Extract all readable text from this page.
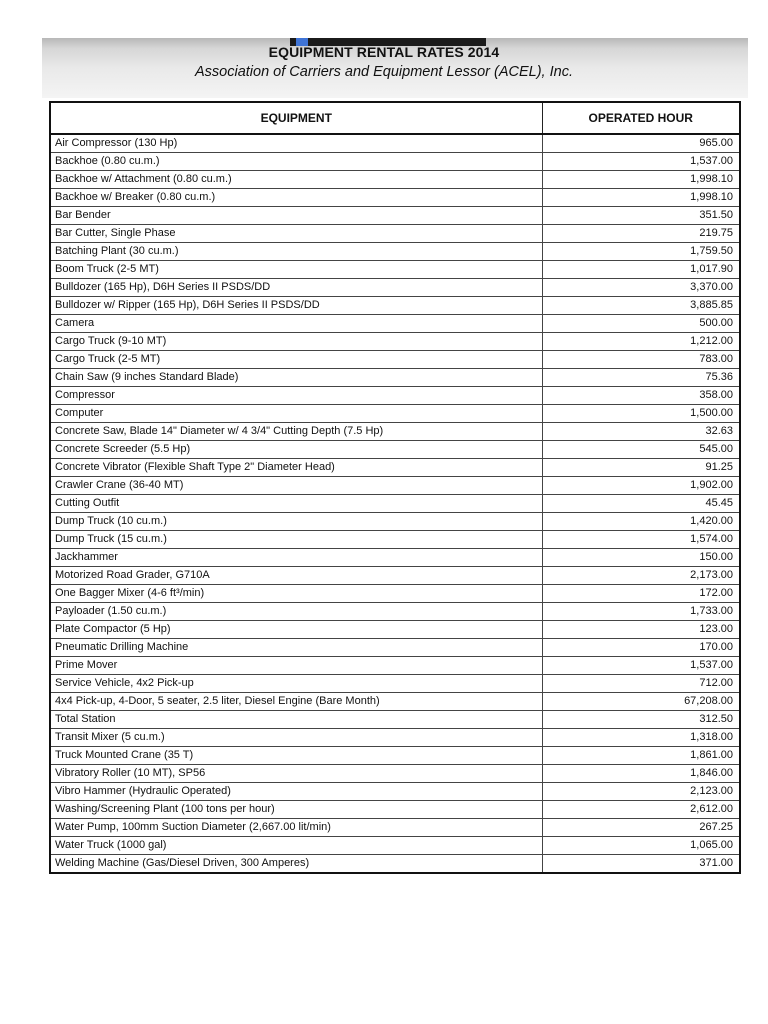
EQUIPMENT RENTAL RATES 2014
Association of Carriers and Equipment Lessor (ACEL), Inc.
EQUIPMENT	OPERATED HOUR
Air Compressor (130 Hp)	965.00
Backhoe (0.80 cu.m.)	1,537.00
Backhoe w/ Attachment (0.80 cu.m.)	1,998.10
Backhoe w/ Breaker (0.80 cu.m.)	1,998.10
Bar Bender	351.50
Bar Cutter, Single Phase	219.75
Batching Plant (30 cu.m.)	1,759.50
Boom Truck (2-5 MT)	1,017.90
Bulldozer (165 Hp), D6H Series II PSDS/DD	3,370.00
Bulldozer w/ Ripper (165 Hp), D6H Series II PSDS/DD	3,885.85
Camera	500.00
Cargo Truck (9-10 MT)	1,212.00
Cargo Truck (2-5 MT)	783.00
Chain Saw (9 inches Standard Blade)	75.36
Compressor	358.00
Computer	1,500.00
Concrete Saw, Blade 14" Diameter w/ 4 3/4" Cutting Depth (7.5 Hp)	32.63
Concrete Screeder (5.5 Hp)	545.00
Concrete Vibrator (Flexible Shaft Type 2" Diameter Head)	91.25
Crawler Crane (36-40 MT)	1,902.00
Cutting Outfit	45.45
Dump Truck (10 cu.m.)	1,420.00
Dump Truck (15 cu.m.)	1,574.00
Jackhammer	150.00
Motorized Road Grader, G710A	2,173.00
One Bagger Mixer (4-6 ft³/min)	172.00
Payloader (1.50 cu.m.)	1,733.00
Plate Compactor (5 Hp)	123.00
Pneumatic Drilling Machine	170.00
Prime Mover	1,537.00
Service Vehicle, 4x2 Pick-up	712.00
4x4 Pick-up, 4-Door, 5 seater, 2.5 liter, Diesel Engine (Bare Month)	67,208.00
Total Station	312.50
Transit Mixer (5 cu.m.)	1,318.00
Truck Mounted Crane (35 T)	1,861.00
Vibratory Roller (10 MT), SP56	1,846.00
Vibro Hammer (Hydraulic Operated)	2,123.00
Washing/Screening Plant (100 tons per hour)	2,612.00
Water Pump, 100mm Suction Diameter (2,667.00 lit/min)	267.25
Water Truck (1000 gal)	1,065.00
Welding Machine (Gas/Diesel Driven, 300 Amperes)	371.00
